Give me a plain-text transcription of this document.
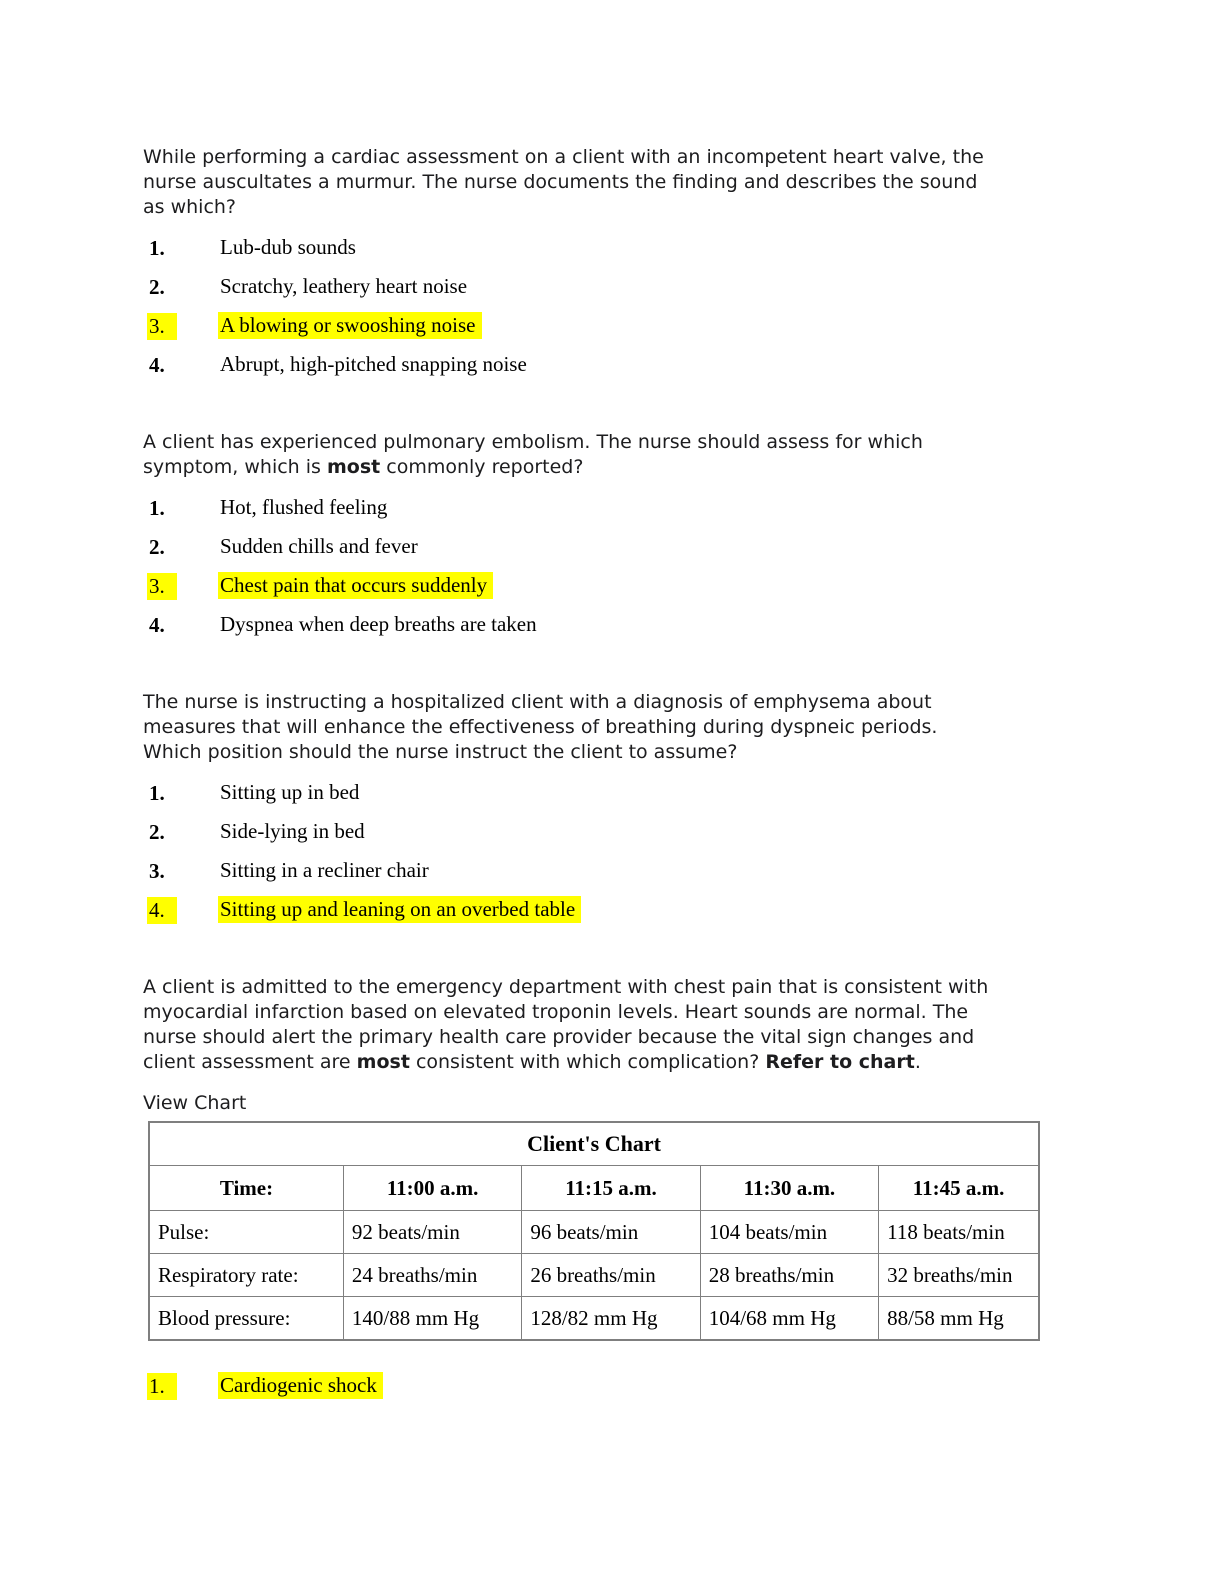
While performing a cardiac assessment on a client with an incompetent heart valve, the
nurse auscultates a murmur. The nurse documents the finding and describes the sound
as which?
1.	Lub-dub sounds
2.	Scratchy, leathery heart noise
3.	A blowing or swooshing noise
4.	Abrupt, high-pitched snapping noise
A client has experienced pulmonary embolism. The nurse should assess for which
symptom, which is most commonly reported?
1.	Hot, flushed feeling
2.	Sudden chills and fever
3.	Chest pain that occurs suddenly
4.	Dyspnea when deep breaths are taken
The nurse is instructing a hospitalized client with a diagnosis of emphysema about
measures that will enhance the effectiveness of breathing during dyspneic periods.
Which position should the nurse instruct the client to assume?
1.	Sitting up in bed
2.	Side-lying in bed
3.	Sitting in a recliner chair
4.	Sitting up and leaning on an overbed table
A client is admitted to the emergency department with chest pain that is consistent with
myocardial infarction based on elevated troponin levels. Heart sounds are normal. The
nurse should alert the primary health care provider because the vital sign changes and
client assessment are most consistent with which complication? Refer to chart.
View Chart
Client's Chart				
Time:	11:00 a.m.	11:15 a.m.	11:30 a.m.	11:45 a.m.
Pulse:	92 beats/min	96 beats/min	104 beats/min	118 beats/min
Respiratory rate:	24 breaths/min	26 breaths/min	28 breaths/min	32 breaths/min
Blood pressure:	140/88 mm Hg	128/82 mm Hg	104/68 mm Hg	88/58 mm Hg
1.	Cardiogenic shock
